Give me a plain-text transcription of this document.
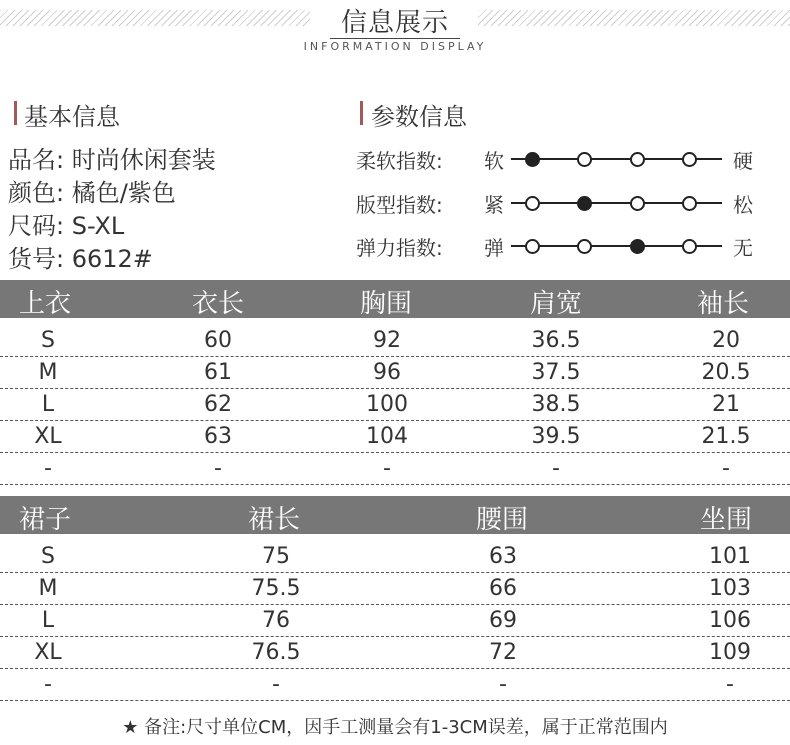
信息展示
INFORMATION DISPLAY
基本信息
品名: 时尚休闲套装
颜色: 橘色/紫色
尺码: S-XL
货号: 6612#
参数信息
柔软指数: 软	硬
版型指数: 紧	松
弹力指数: 弹	无
上衣	衣长	胸围	肩宽	袖长
S	60	92	36.5	20
M	61	96	37.5	20.5
L	62	100	38.5	21
XL	63	104	39.5	21.5
-	-	-	-	-
裙子	裙长	腰围	坐围
S	75	63	101
M	75.5	66	103
L	76	69	106
XL	76.5	72	109
-	-	-	-
★ 备注:尺寸单位CM，因手工测量会有1-3CM误差，属于正常范围内
